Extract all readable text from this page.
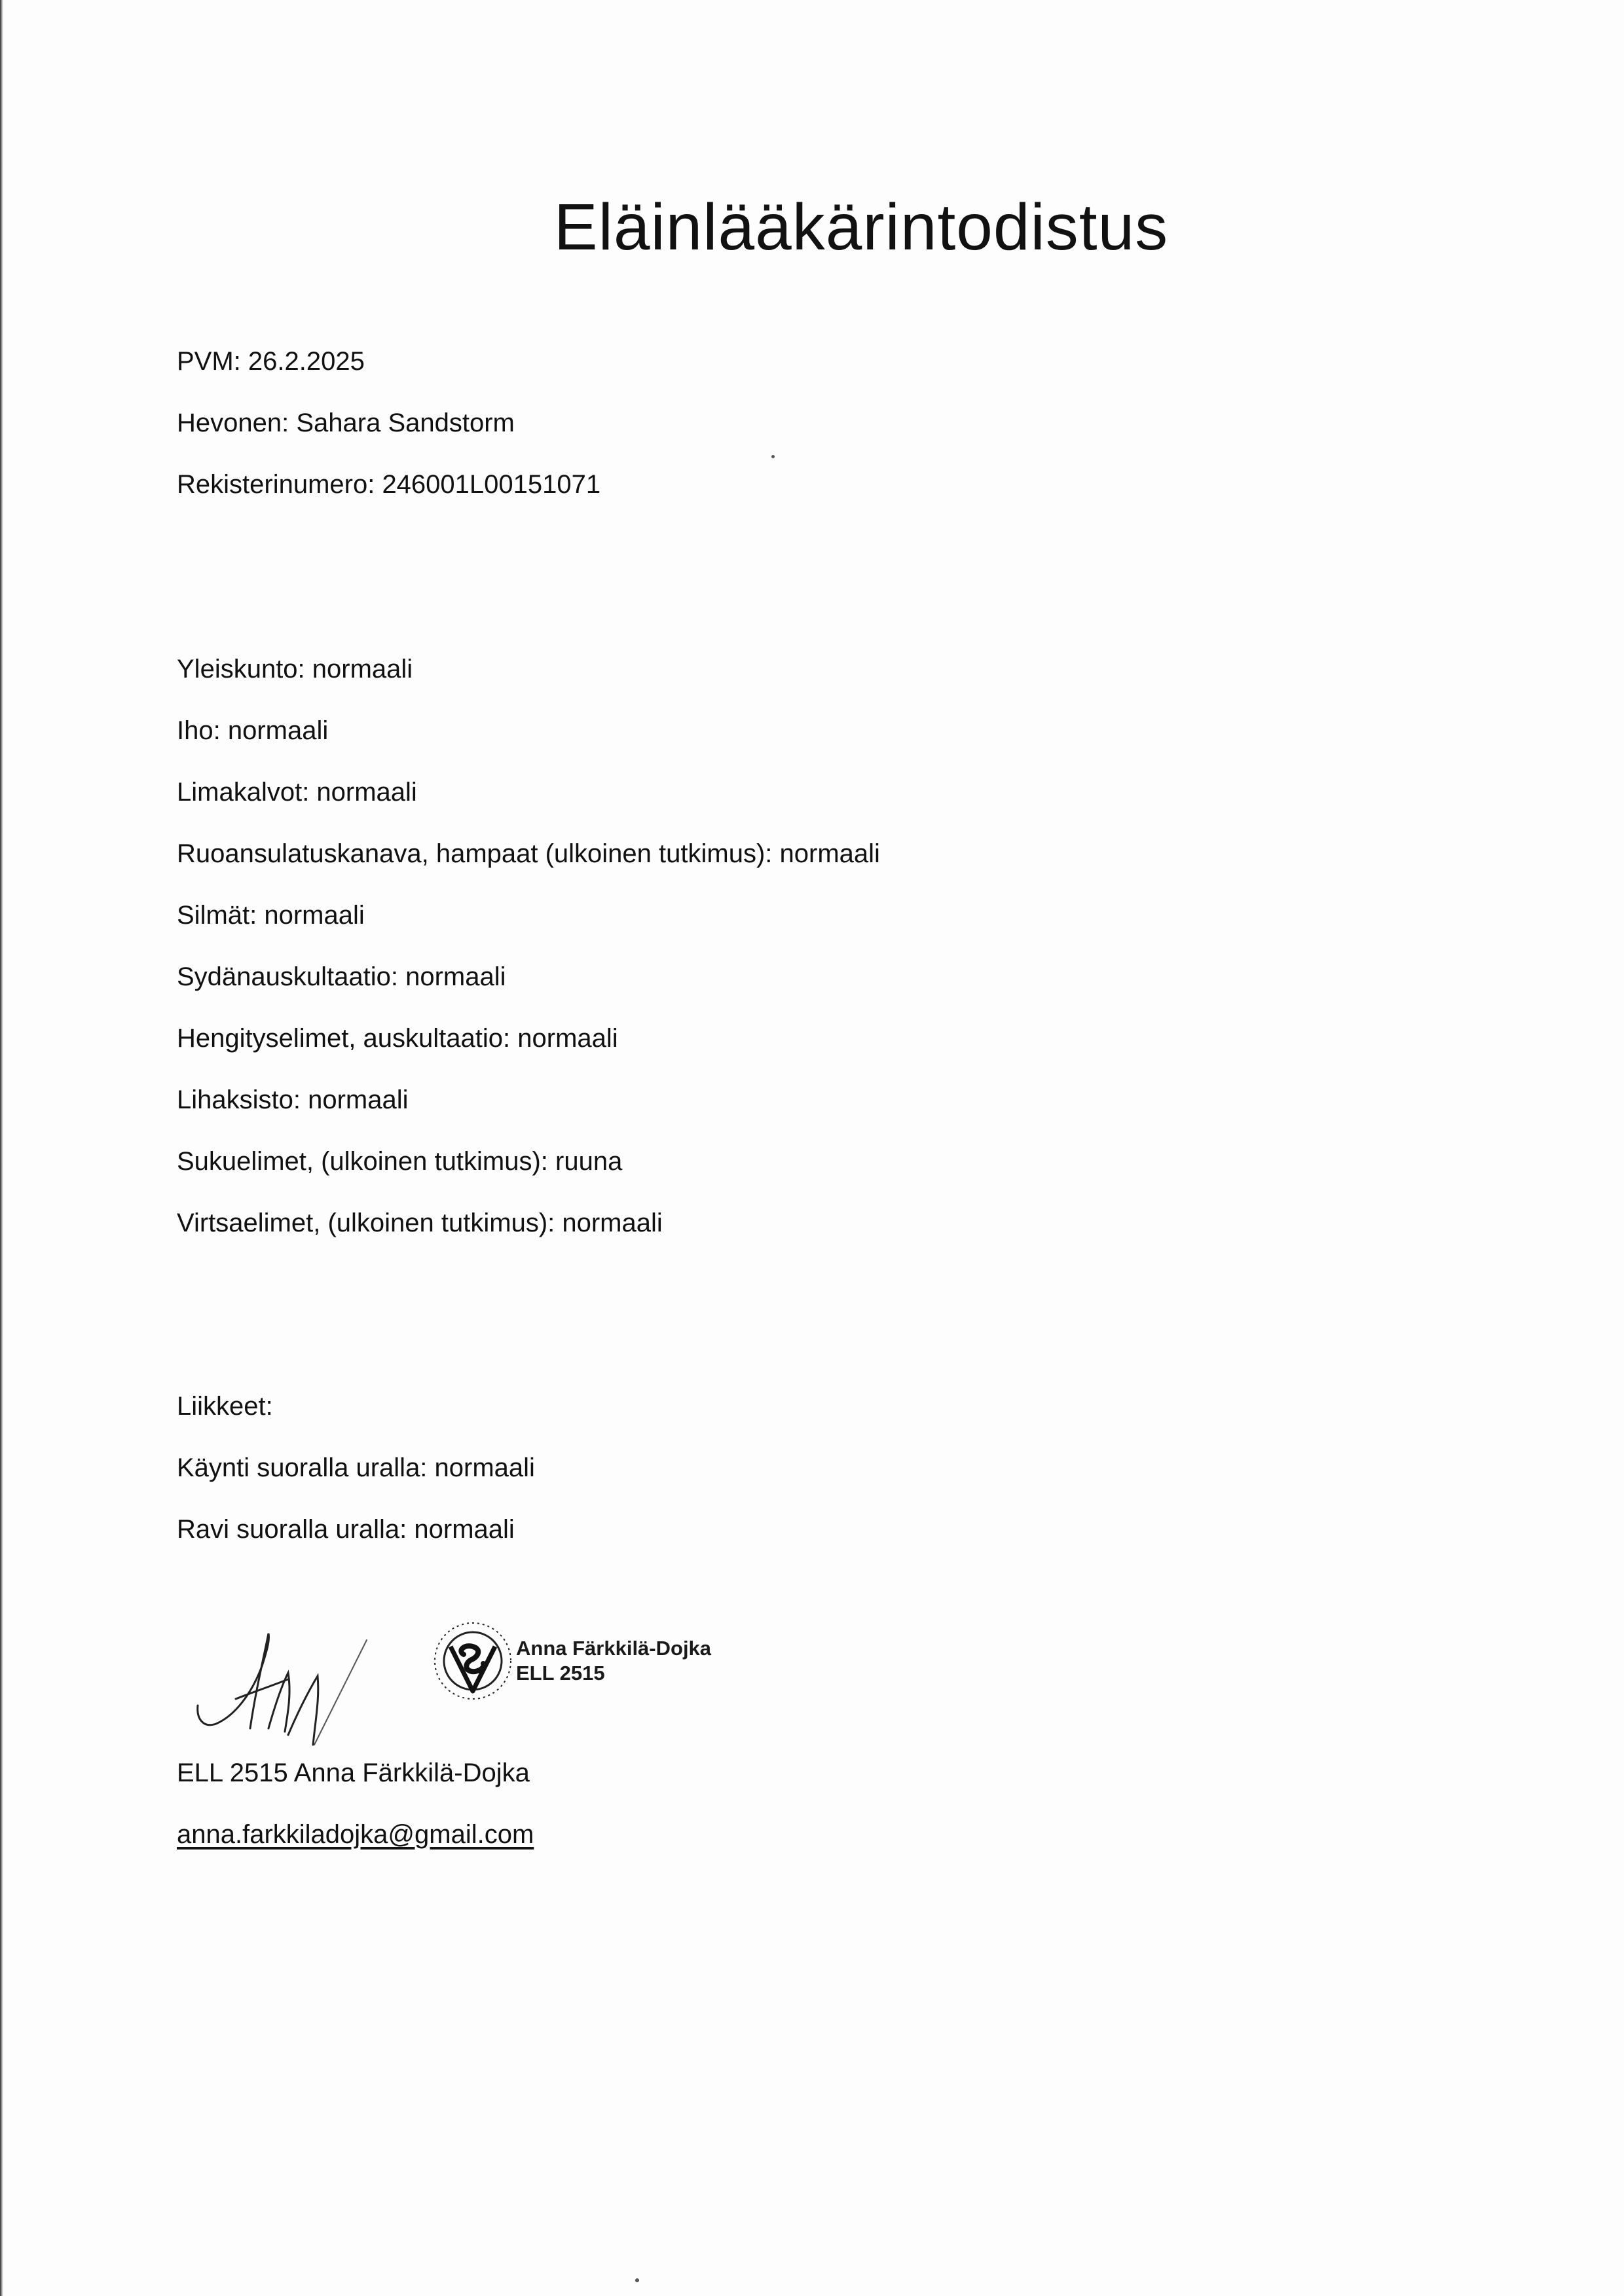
Eläinlääkärintodistus
PVM: 26.2.2025
Hevonen: Sahara Sandstorm
Rekisterinumero: 246001L00151071
Yleiskunto: normaali
Iho: normaali
Limakalvot: normaali
Ruoansulatuskanava, hampaat (ulkoinen tutkimus): normaali
Silmät: normaali
Sydänauskultaatio: normaali
Hengityselimet, auskultaatio: normaali
Lihaksisto: normaali
Sukuelimet, (ulkoinen tutkimus): ruuna
Virtsaelimet, (ulkoinen tutkimus): normaali
Liikkeet:
Käynti suoralla uralla: normaali
Ravi suoralla uralla: normaali
Anna Färkkilä-Dojka
ELL 2515
ELL 2515 Anna Färkkilä-Dojka
anna.farkkiladojka@gmail.com
